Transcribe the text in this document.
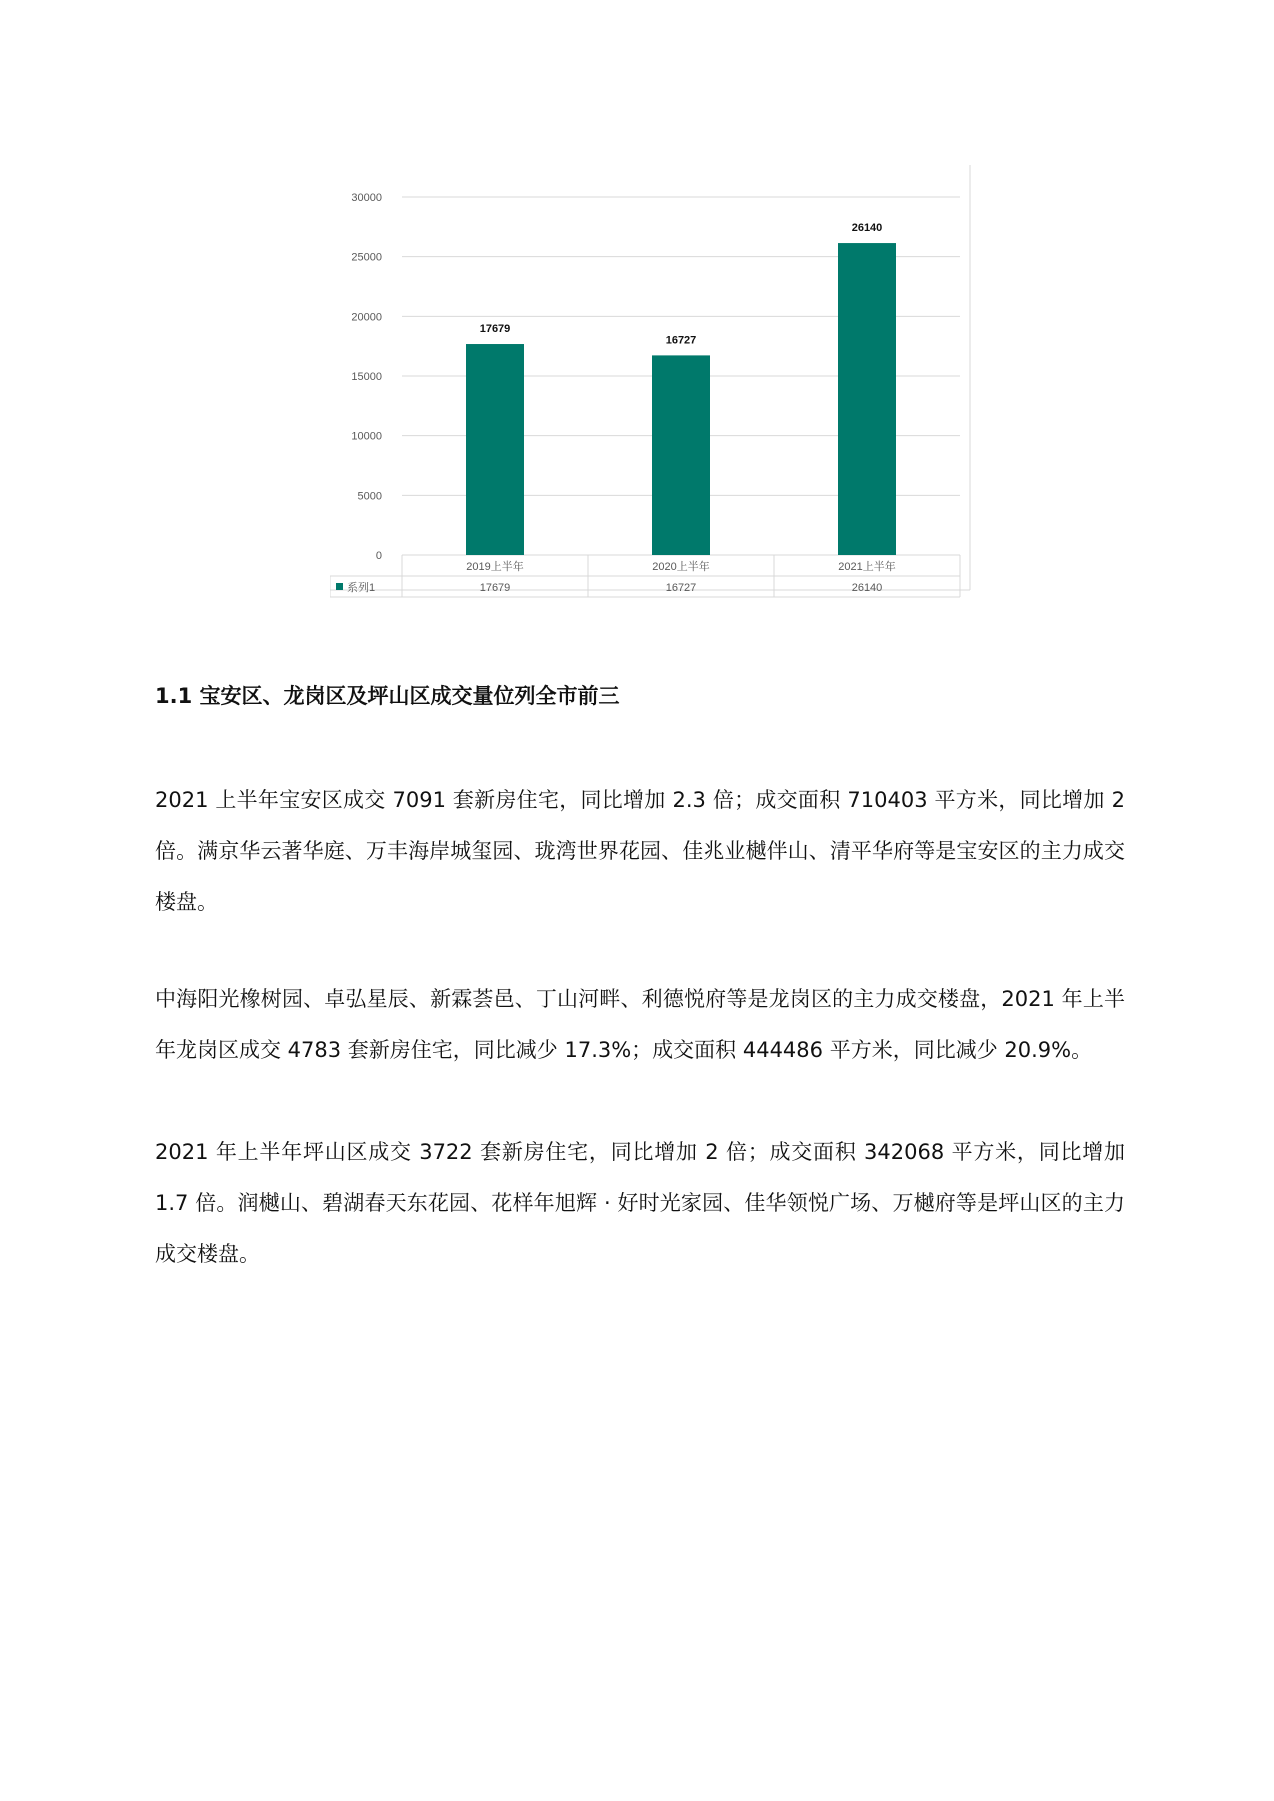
30000
25000
20000
15000
10000
5000
0
17679
16727
26140
2019上半年
17679
2020上半年
16727
2021上半年
26140
系列1
1.1 宝安区、龙岗区及坪山区成交量位列全市前三
2021 上半年宝安区成交 7091 套新房住宅，同比增加 2.3 倍；成交面积 710403 平方米，同比增加 2 倍。满京华云著华庭、万丰海岸城玺园、珑湾世界花园、佳兆业樾伴山、清平华府等是宝安区的主力成交楼盘。
中海阳光橡树园、卓弘星辰、新霖荟邑、丁山河畔、利德悦府等是龙岗区的主力成交楼盘，2021 年上半年龙岗区成交 4783 套新房住宅，同比减少 17.3%；成交面积 444486 平方米，同比减少 20.9%。
2021 年上半年坪山区成交 3722 套新房住宅，同比增加 2 倍；成交面积 342068 平方米，同比增加 1.7 倍。润樾山、碧湖春天东花园、花样年旭辉 · 好时光家园、佳华领悦广场、万樾府等是坪山区的主力成交楼盘。
